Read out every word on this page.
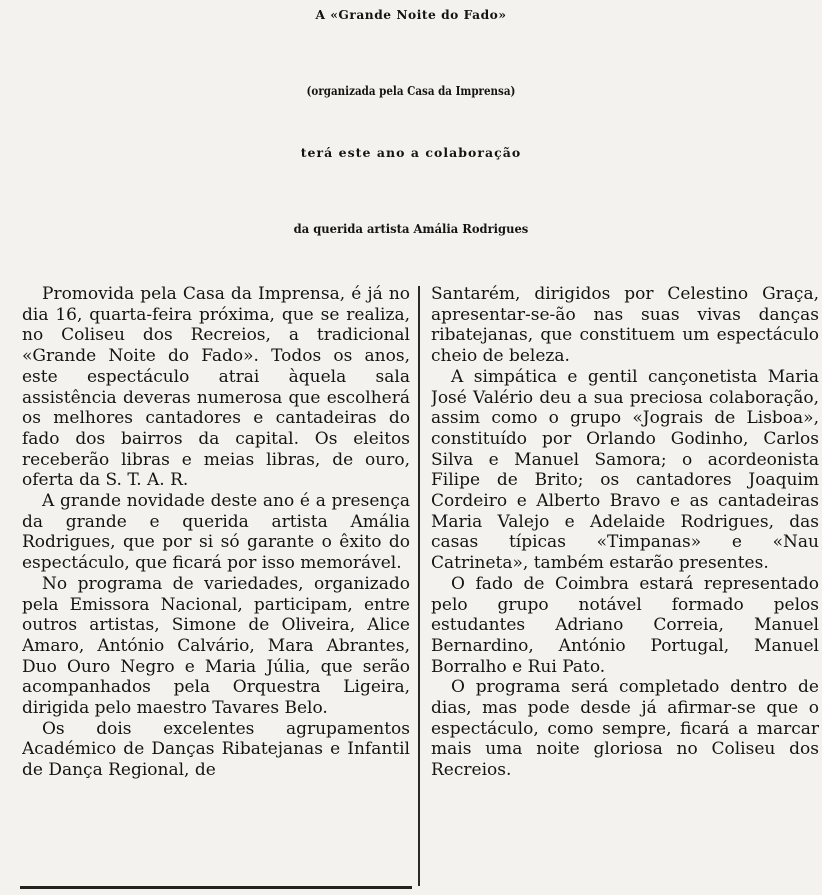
A «Grande Noite do Fado»
(organizada pela Casa da Imprensa)
terá este ano a colaboração
da querida artista Amália Rodrigues

Promovida pela Casa da Imprensa, é já no dia 16, quarta-feira próxima, que se realiza, no Coliseu dos Recreios, a tradicional «Grande Noite do Fado». Todos os anos, este espectáculo atrai àquela sala assistência deveras numerosa que escolherá os melhores cantadores e cantadeiras do fado dos bairros da capital. Os eleitos receberão libras e meias libras, de ouro, oferta da S. T. A. R.

A grande novidade deste ano é a presença da grande e querida artista Amália Rodrigues, que por si só garante o êxito do espectáculo, que ficará por isso memorável.

No programa de variedades, organizado pela Emissora Nacional, participam, entre outros artistas, Simone de Oliveira, Alice Amaro, António Calvário, Mara Abrantes, Duo Ouro Negro e Maria Júlia, que serão acompanhados pela Orquestra Ligeira, dirigida pelo maestro Tavares Belo.

Os dois excelentes agrupamentos Académico de Danças Ribatejanas e Infantil de Dança Regional, de

Santarém, dirigidos por Celestino Graça, apresentar-se-ão nas suas vivas danças ribatejanas, que constituem um espectáculo cheio de beleza.

A simpática e gentil cançonetista Maria José Valério deu a sua preciosa colaboração, assim como o grupo «Jograis de Lisboa», constituído por Orlando Godinho, Carlos Silva e Manuel Samora; o acordeonista Filipe de Brito; os cantadores Joaquim Cordeiro e Alberto Bravo e as cantadeiras Maria Valejo e Adelaide Rodrigues, das casas típicas «Timpanas» e «Nau Catrineta», também estarão presentes.

O fado de Coimbra estará representado pelo grupo notável formado pelos estudantes Adriano Correia, Manuel Bernardino, António Portugal, Manuel Borralho e Rui Pato.

O programa será completado dentro de dias, mas pode desde já afirmar-se que o espectáculo, como sempre, ficará a marcar mais uma noite gloriosa no Coliseu dos Recreios.
